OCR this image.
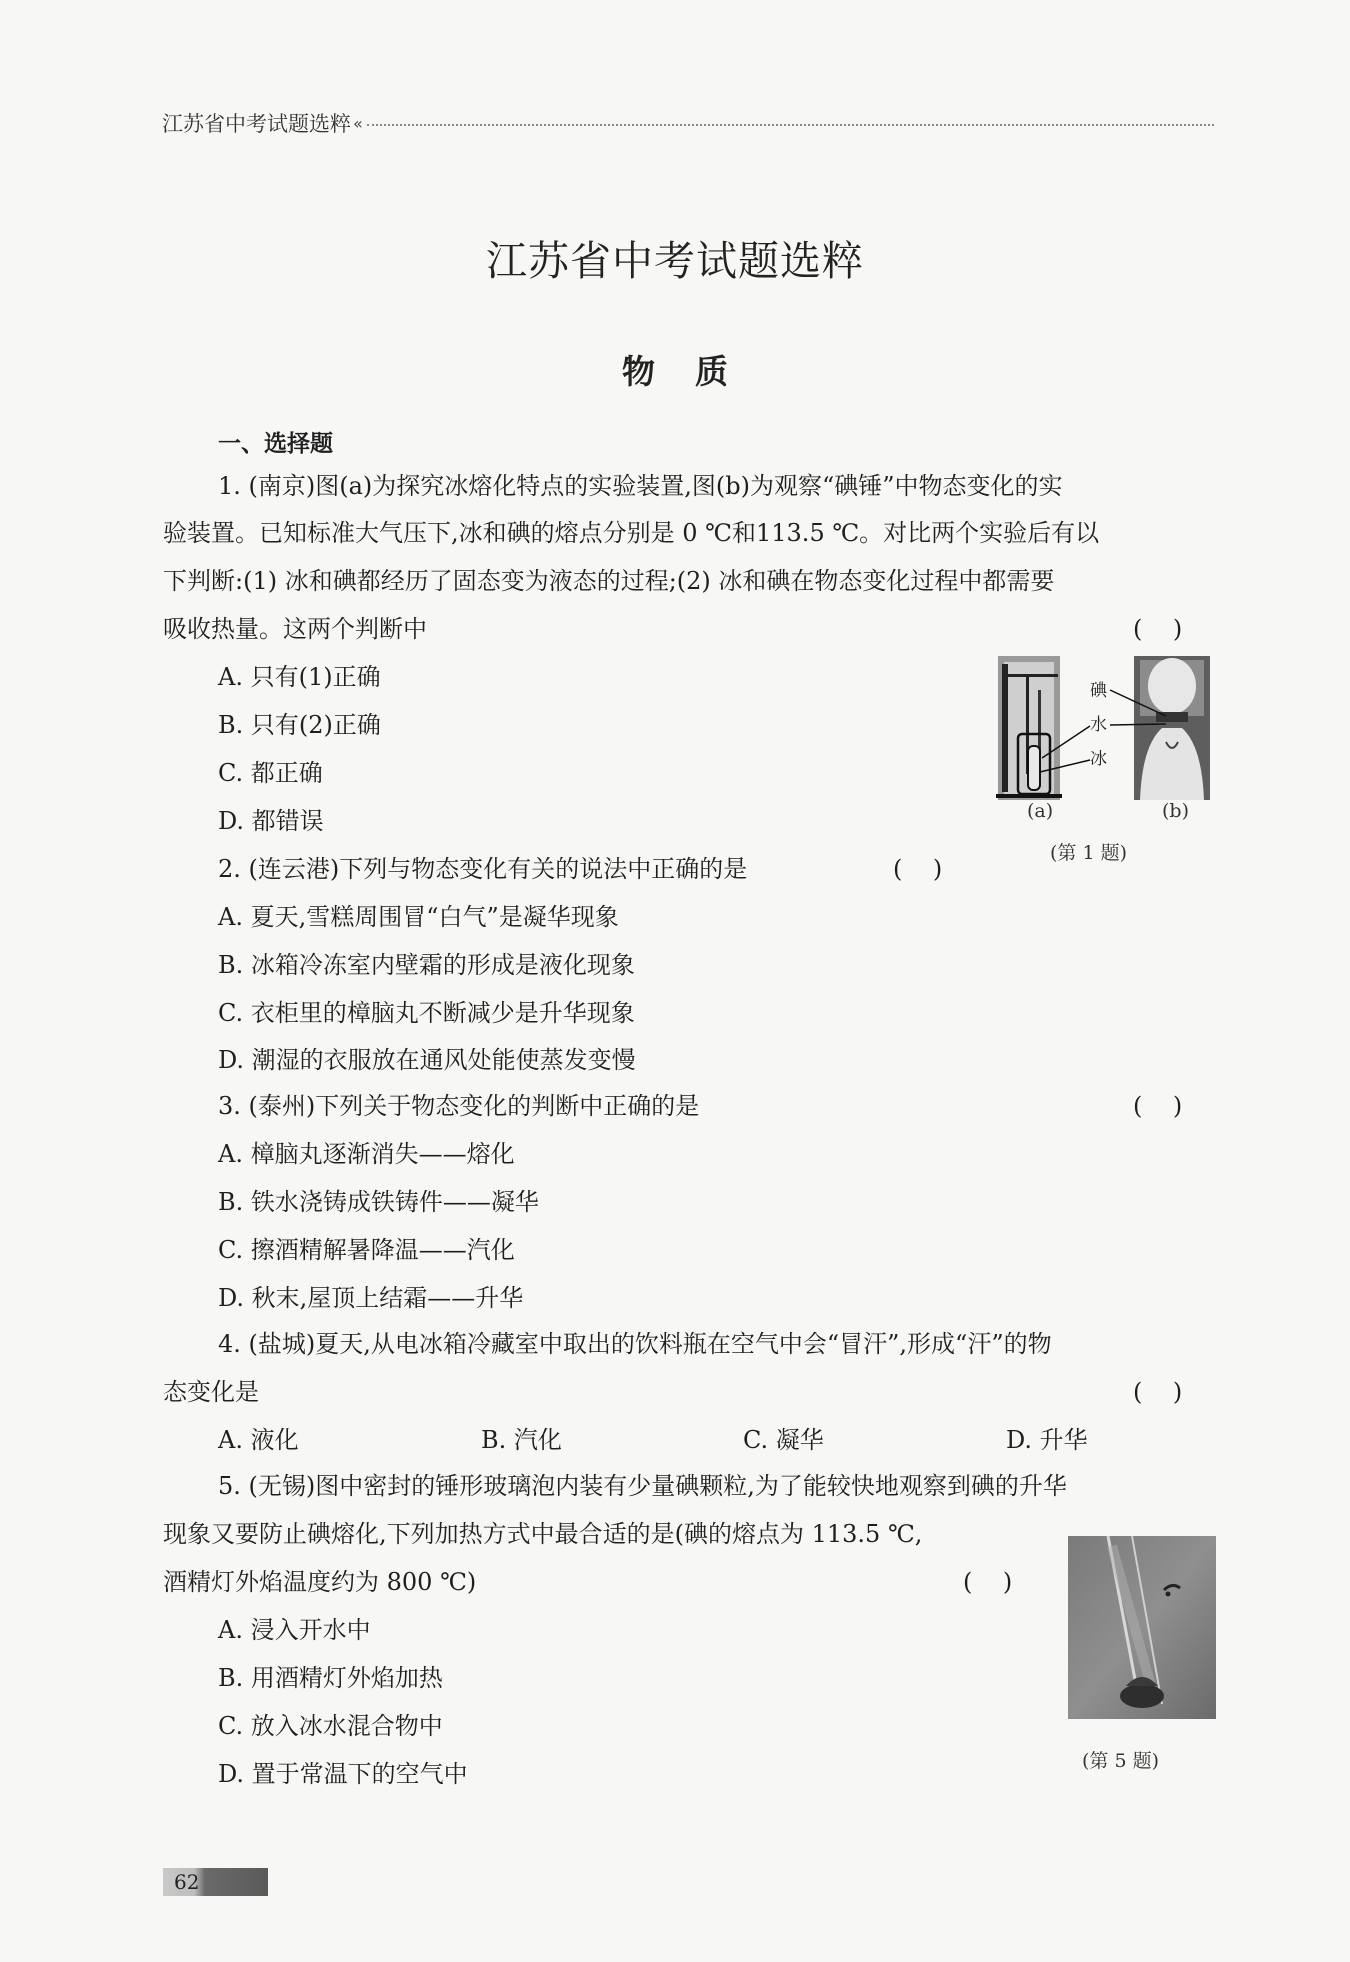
江苏省中考试题选粹 «
江苏省中考试题选粹
物质
一、选择题
1. (南京)图(a)为探究冰熔化特点的实验装置,图(b)为观察“碘锤”中物态变化的实
验装置。已知标准大气压下,冰和碘的熔点分别是 0 ℃和113.5 ℃。对比两个实验后有以
下判断:(1) 冰和碘都经历了固态变为液态的过程;(2) 冰和碘在物态变化过程中都需要
吸收热量。这两个判断中	(    )
A. 只有(1)正确
B. 只有(2)正确
C. 都正确
D. 都错误
碘
水
冰
(a)	(b)
(第 1 题)
2. (连云港)下列与物态变化有关的说法中正确的是	(    )
A. 夏天,雪糕周围冒“白气”是凝华现象
B. 冰箱冷冻室内壁霜的形成是液化现象
C. 衣柜里的樟脑丸不断减少是升华现象
D. 潮湿的衣服放在通风处能使蒸发变慢
3. (泰州)下列关于物态变化的判断中正确的是	(    )
A. 樟脑丸逐渐消失——熔化
B. 铁水浇铸成铁铸件——凝华
C. 擦酒精解暑降温——汽化
D. 秋末,屋顶上结霜——升华
4. (盐城)夏天,从电冰箱冷藏室中取出的饮料瓶在空气中会“冒汗”,形成“汗”的物
态变化是	(    )
A. 液化	B. 汽化	C. 凝华	D. 升华
5. (无锡)图中密封的锤形玻璃泡内装有少量碘颗粒,为了能较快地观察到碘的升华
现象又要防止碘熔化,下列加热方式中最合适的是(碘的熔点为 113.5 ℃,
酒精灯外焰温度约为 800 ℃)	(    )
A. 浸入开水中
B. 用酒精灯外焰加热
C. 放入冰水混合物中
D. 置于常温下的空气中	(第 5 题)
62
